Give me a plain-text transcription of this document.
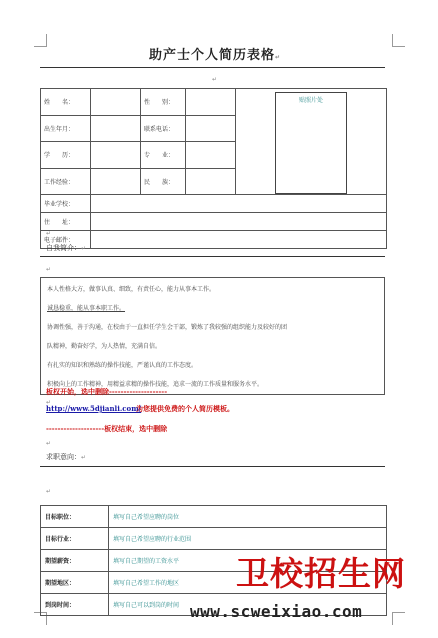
助产士个人简历表格↵
↵
姓　　名：		性　　别：		贴照片处

出生年月：		联系电话：		
学　　历：		专　　业：		
工作经验：		民　　族：		
毕业学校：				
住　　址：				
电子邮件：				
↵
自我简介：↵
↵

本人性格大方，做事认真、细致，有责任心，能力从事本工作。

诚恳稳重，能从事本职工作。

协调性强，善于沟通，在校由于一直担任学生会干部，锻炼了我较强的组织能力及较好的团

队精神，勤奋好学，为人热情，充满自信。

有扎实的知识和熟练的操作技能，严谨认真的工作态度。

积极向上的工作精神，用精益求精的操作技能，追求一流的工作质量和服务水平。

↵
板权开始，选中删除--------------------
http://www.5djianli.com/
为您提供免费的个人简历模板。
--------------------板权结束，选中删除
↵
求职意向：↵
↵
目标职位：	填写自己希望应聘的岗位
目标行业：	填写自己希望应聘的行业范围
期望薪资：	填写自己期望的工资水平
期望地区：	填写自己希望工作的地区
到岗时间：	填写自己可以到岗的时间
卫校招生网
www.scweixiao.com
